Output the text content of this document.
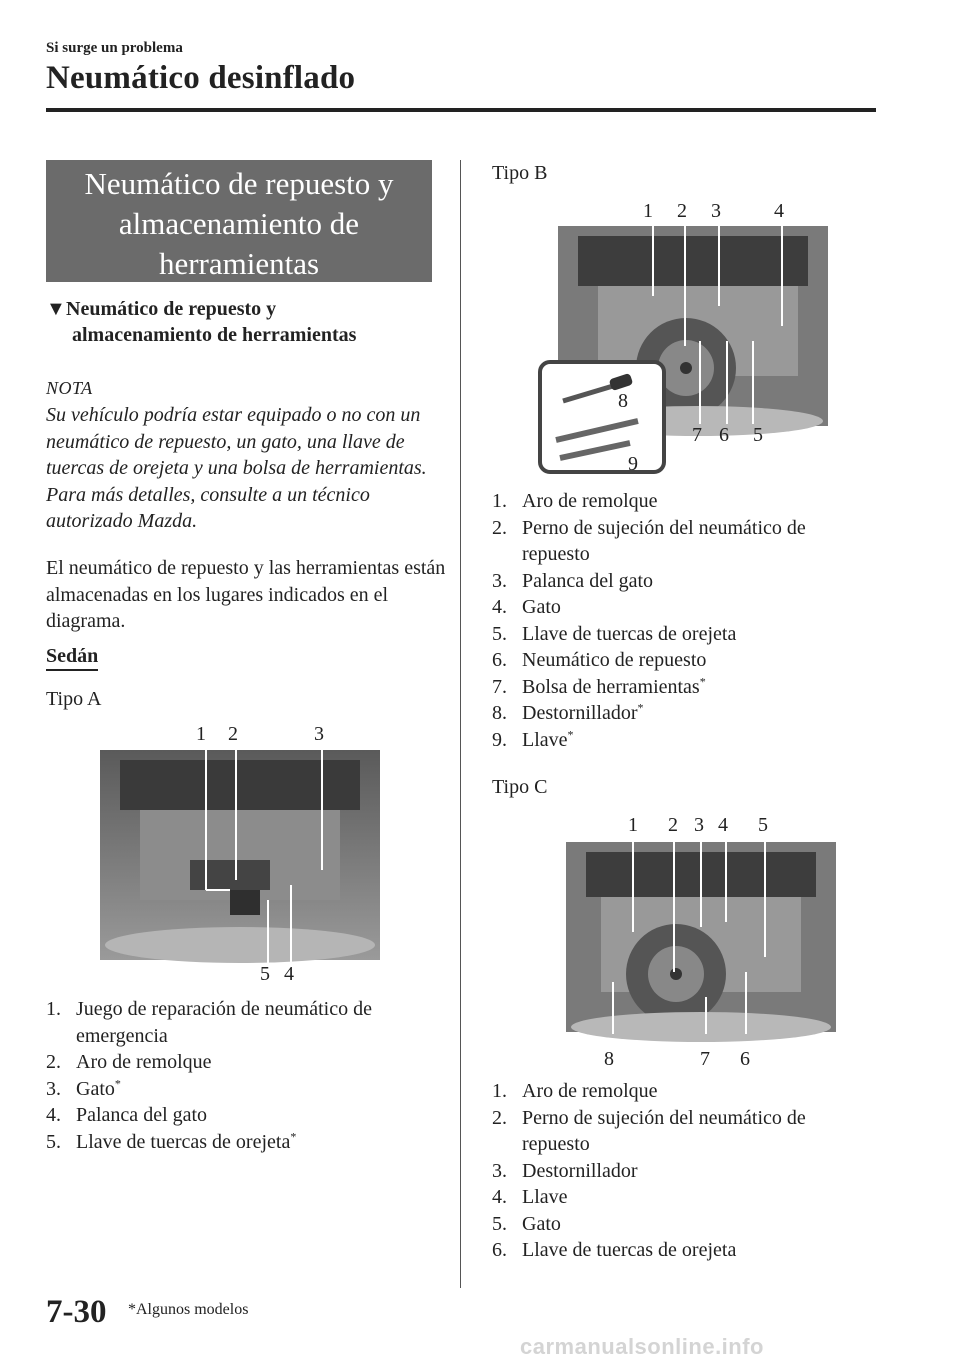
Si surge un problema
Neumático desinflado
Neumático de repuesto y
almacenamiento de
herramientas
▼Neumático de repuesto y
almacenamiento de herramientas
NOTA
Su vehículo podría estar equipado o no con un neumático de repuesto, un gato, una llave de tuercas de orejeta y una bolsa de herramientas. Para más detalles, consulte a un técnico autorizado Mazda.
El neumático de repuesto y las herramientas están almacenadas en los lugares indicados en el diagrama.
Sedán
Tipo A
1 2	3
5 4
1. Juego de reparación de neumático de emergencia
2. Aro de remolque
3. Gato*
4. Palanca del gato
5. Llave de tuercas de orejeta*
Tipo B
1 2 3	4
7 6 5
8
9
1. Aro de remolque
2. Perno de sujeción del neumático de repuesto
3. Palanca del gato
4. Gato
5. Llave de tuercas de orejeta
6. Neumático de repuesto
7. Bolsa de herramientas*
8. Destornillador*
9. Llave*
Tipo C
1 2 3 4 5
8	7 6
1. Aro de remolque
2. Perno de sujeción del neumático de repuesto
3. Destornillador
4. Llave
5. Gato
6. Llave de tuercas de orejeta
7-30 *Algunos modelos
carmanualsonline.info
